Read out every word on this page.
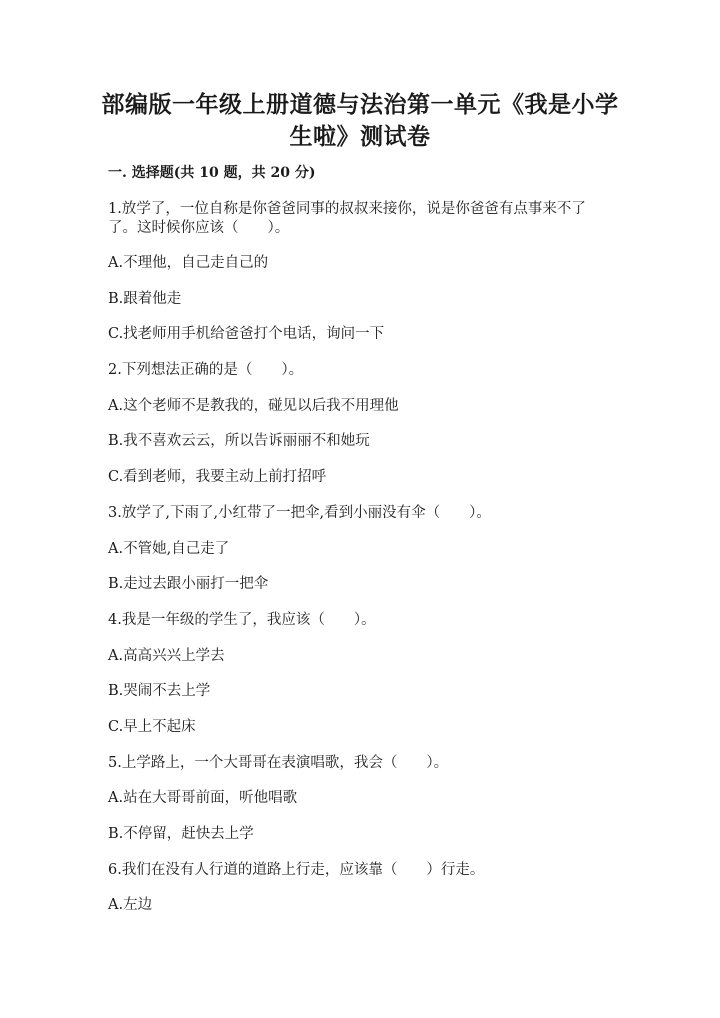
部编版一年级上册道德与法治第一单元《我是小学
生啦》测试卷
一. 选择题(共 10 题，共 20 分)
1.放学了，一位自称是你爸爸同事的叔叔来接你，说是你爸爸有点事来不了
了。这时候你应该（　　）。
A.不理他，自己走自己的
B.跟着他走
C.找老师用手机给爸爸打个电话，询问一下
2.下列想法正确的是（　　）。
A.这个老师不是教我的，碰见以后我不用理他
B.我不喜欢云云，所以告诉丽丽不和她玩
C.看到老师，我要主动上前打招呼
3.放学了,下雨了,小红带了一把伞,看到小丽没有伞（　　）。
A.不管她,自己走了
B.走过去跟小丽打一把伞
4.我是一年级的学生了，我应该（　　）。
A.高高兴兴上学去
B.哭闹不去上学
C.早上不起床
5.上学路上，一个大哥哥在表演唱歌，我会（　　）。
A.站在大哥哥前面，听他唱歌
B.不停留，赶快去上学
6.我们在没有人行道的道路上行走，应该靠（　　）行走。
A.左边
